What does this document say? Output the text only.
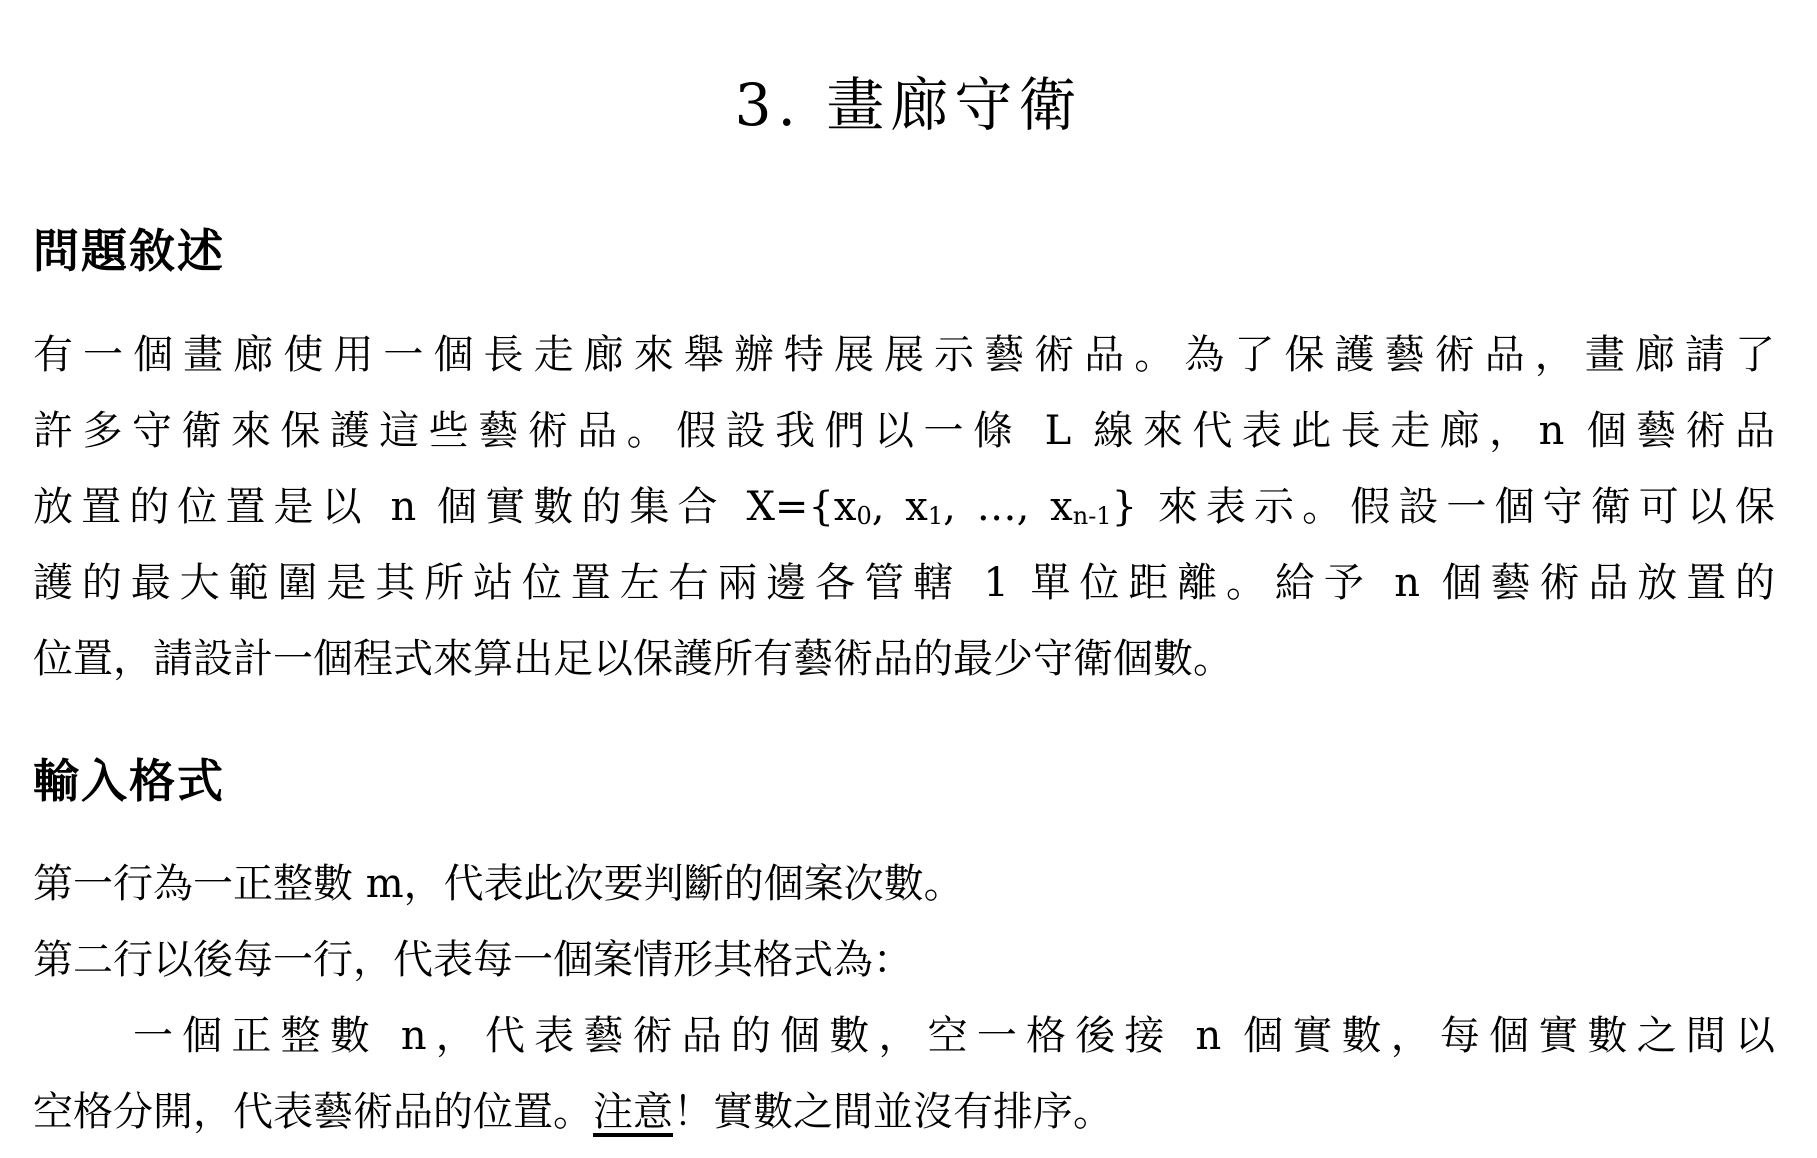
3. 畫廊守衛
問題敘述
有一個畫廊使用一個長走廊來舉辦特展展示藝術品。為了保護藝術品，畫廊請了
許多守衛來保護這些藝術品。假設我們以一條 L 線來代表此長走廊，n 個藝術品
放置的位置是以 n 個實數的集合 X={x0, x1, …, xn-1} 來表示。假設一個守衛可以保
護的最大範圍是其所站位置左右兩邊各管轄 1 單位距離。給予 n 個藝術品放置的
位置，請設計一個程式來算出足以保護所有藝術品的最少守衛個數。
輸入格式
第一行為一正整數 m，代表此次要判斷的個案次數。
第二行以後每一行，代表每一個案情形其格式為：
一個正整數 n，代表藝術品的個數，空一格後接 n 個實數，每個實數之間以
空格分開，代表藝術品的位置。注意！實數之間並沒有排序。
